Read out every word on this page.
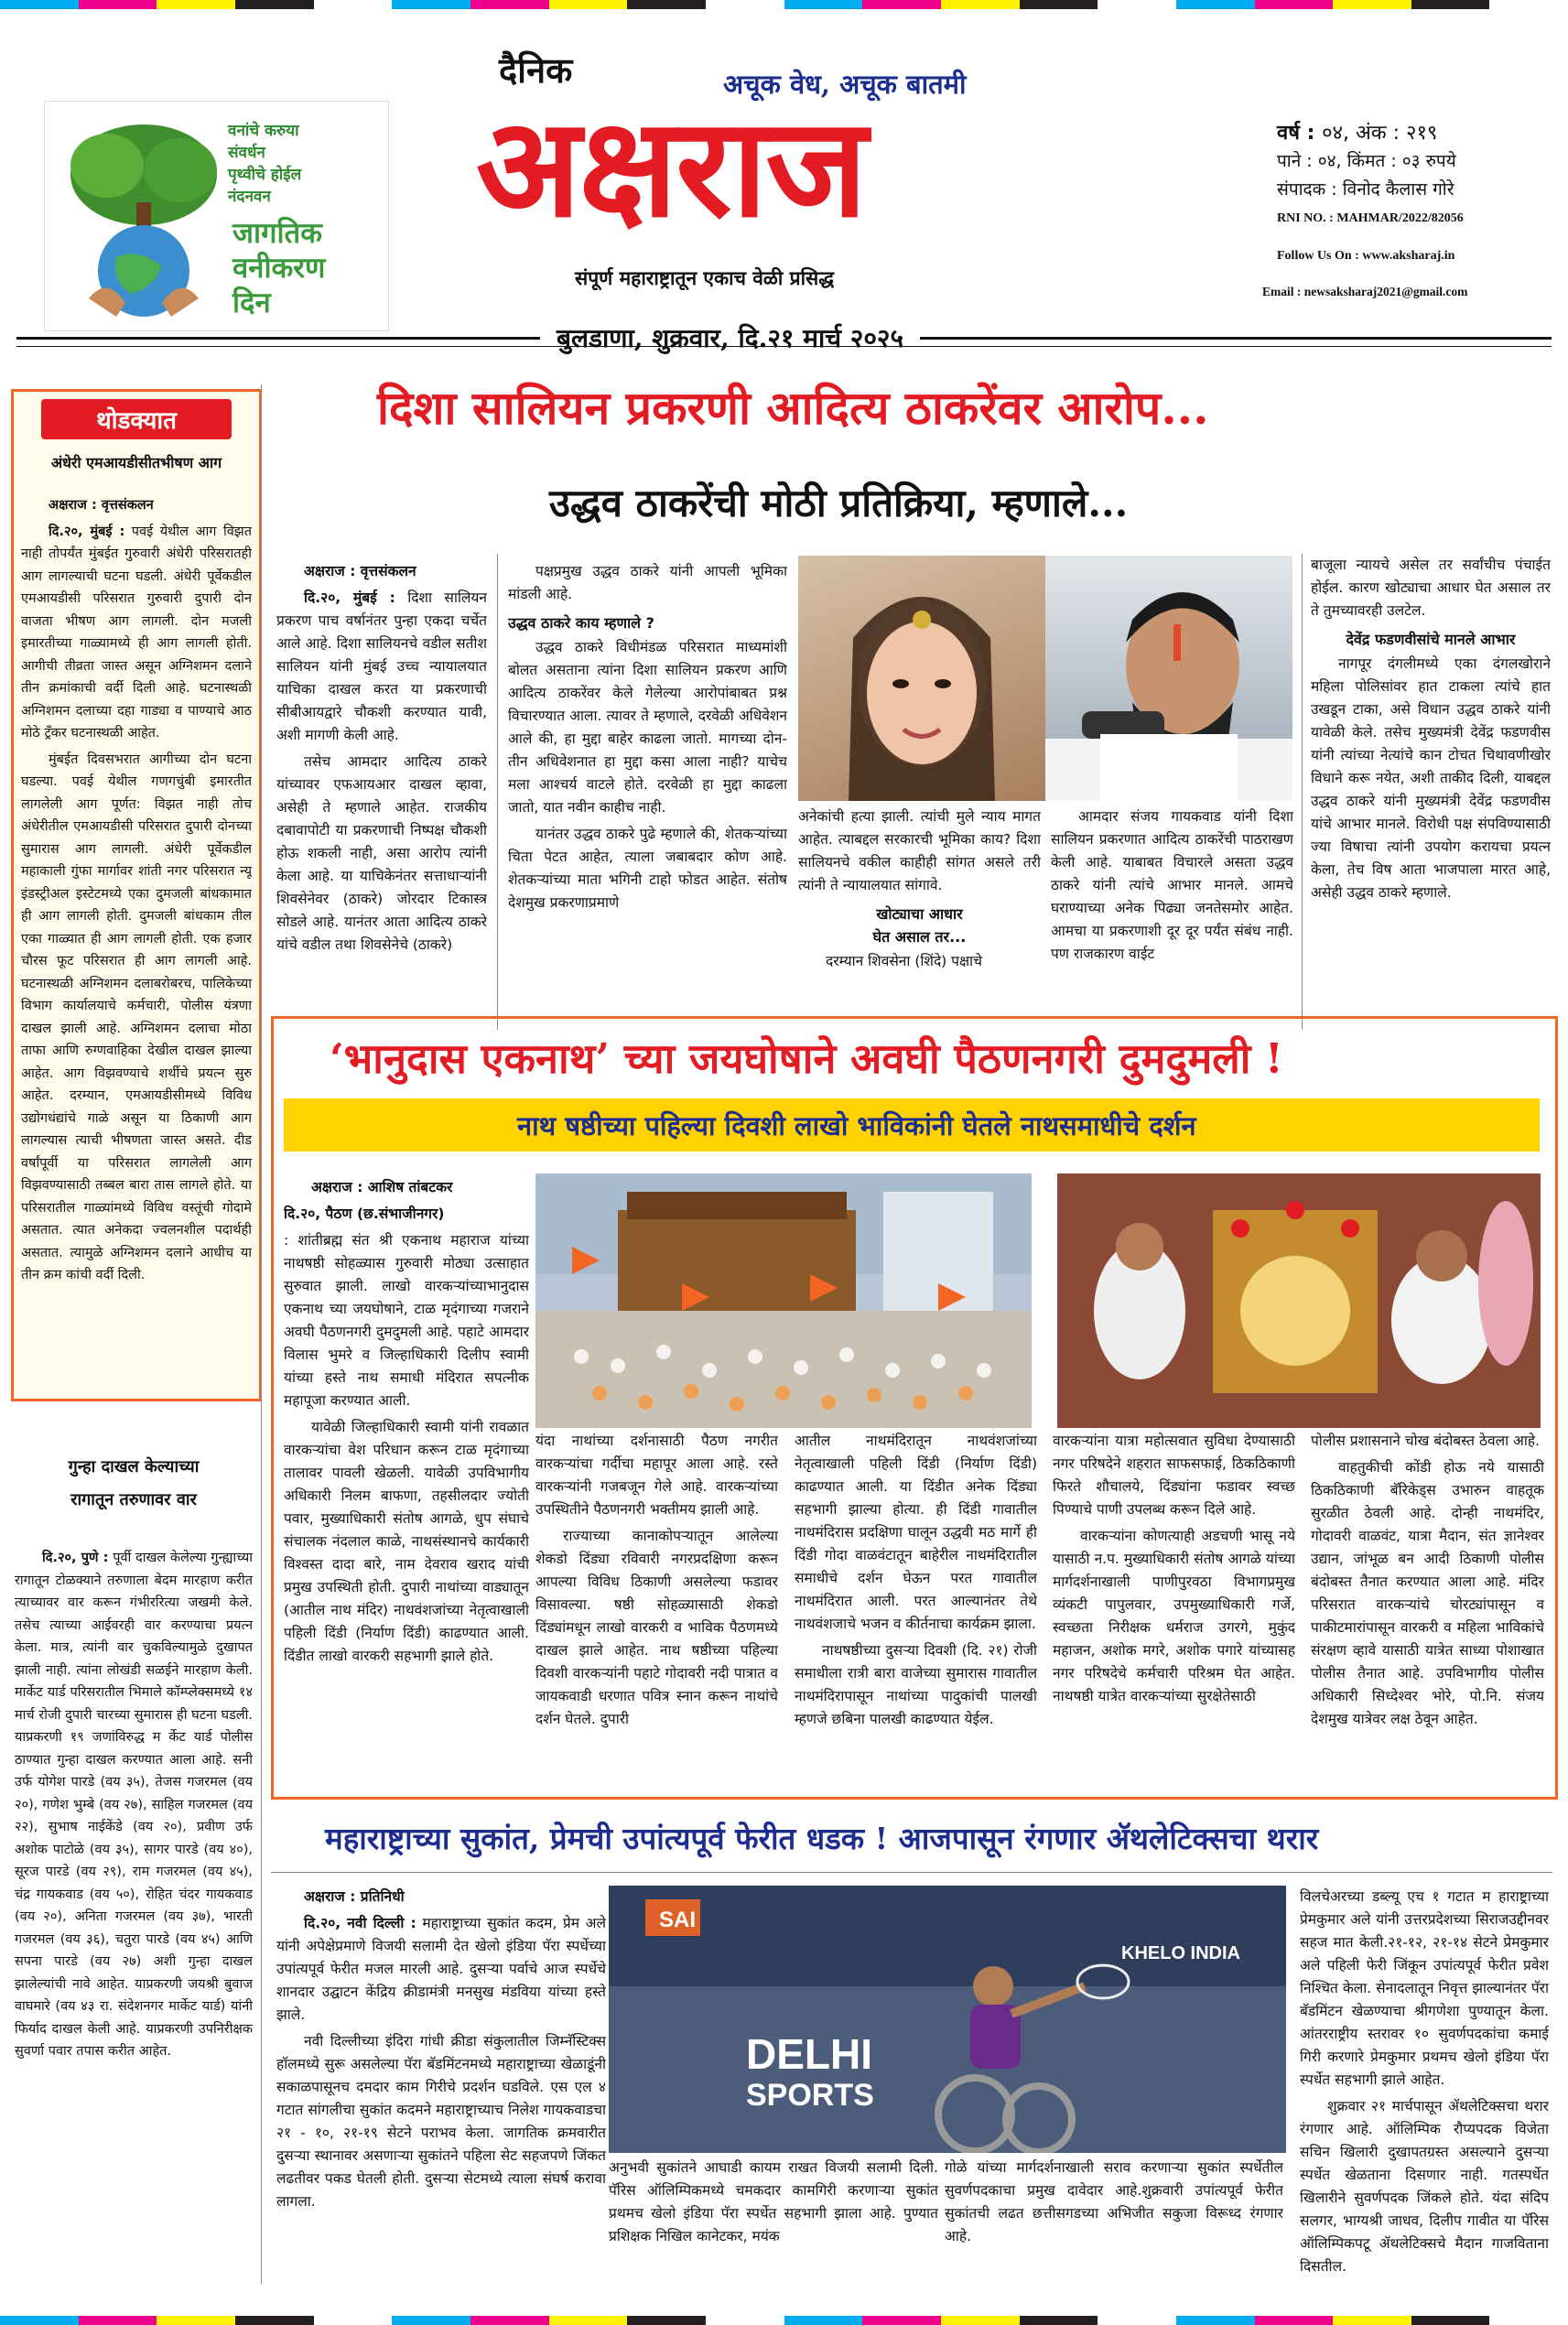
वनांचे करुया
संवर्धन
पृथ्वीचे होईल
नंदनवन
जागतिक
वनीकरण
दिन
दैनिक	अचूक वेध, अचूक बातमी
अक्षराज
संपूर्ण महाराष्ट्रातून एकाच वेळी प्रसिद्ध
वर्ष : ०४, अंक : २१९
पाने : ०४, किंमत : ०३ रुपये
संपादक : विनोद कैलास गोरे
RNI NO. : MAHMAR/2022/82056
Follow Us On : www.aksharaj.in
Email : newsaksharaj2021@gmail.com
बुलडाणा, शुक्रवार, दि.२१ मार्च २०२५
थोडक्यात
अंधेरी एमआयडीसीतभीषण आग

अक्षराज : वृत्तसंकलन

दि.२०, मुंबई : पवई येथील आग विझत नाही तोपर्यंत मुंबईत गुरुवारी अंधेरी परिसरातही आग लागल्याची घटना घडली. अंधेरी पूर्वेकडील एमआयडीसी परिसरात गुरुवारी दुपारी दोन वाजता भीषण आग लागली. दोन मजली इमारतीच्या गाळ्यामध्ये ही आग लागली होती. आगीची तीव्रता जास्त असून अग्निशमन दलाने तीन क्रमांकाची वर्दी दिली आहे. घटनास्थळी अग्निशमन दलाच्या दहा गाड्या व पाण्याचे आठ मोठे ट्रँकर घटनास्थळी आहेत.

मुंबईत दिवसभरात आगीच्या दोन घटना घडल्या. पवई येथील गणगचुंबी इमारतीत लागलेली आग पूर्णत: विझत नाही तोच अंधेरीतील एमआयडीसी परिसरात दुपारी दोनच्या सुमारास आग लागली. अंधेरी पूर्वेकडील महाकाली गुंफा मार्गावर शांती नगर परिसरात न्यू इंडस्ट्रीअल इस्टेटमध्ये एका दुमजली बांधकामात ही आग लागली होती. दुमजली बांधकाम तील एका गाळ्यात ही आग लागली होती. एक हजार चौरस फूट परिसरात ही आग लागली आहे. घटनास्थळी अग्निशमन दलाबरोबरच, पालिकेच्या विभाग कार्यालयाचे कर्मचारी, पोलीस यंत्रणा दाखल झाली आहे. अग्निशमन दलाचा मोठा ताफा आणि रुग्णवाहिका देखील दाखल झाल्या आहेत. आग विझवण्याचे शर्थीचे प्रयत्न सुरु आहेत. दरम्यान, एमआयडीसीमध्ये विविध उद्योगधंद्यांचे गाळे असून या ठिकाणी आग लागल्यास त्याची भीषणता जास्त असते. दीड वर्षांपूर्वी या परिसरात लागलेली आग विझवण्यासाठी तब्बल बारा तास लागले होते. या परिसरातील गाळ्यांमध्ये विविध वस्तूंची गोदामे असतात. त्यात अनेकदा ज्वलनशील पदार्थही असतात. त्यामुळे अग्निशमन दलाने आधीच या तीन क्रम कांची वर्दी दिली.

गुन्हा दाखल केल्याच्या
रागातून तरुणावर वार

दि.२०, पुणे : पूर्वी दाखल केलेल्या गुन्ह्याच्या रागातून टोळक्याने तरुणाला बेदम मारहाण करीत त्याच्यावर वार करून गंभीररित्या जखमी केले. तसेच त्याच्या आईवरही वार करण्याचा प्रयत्न केला. मात्र, त्यांनी वार चुकविल्यामुळे दुखापत झाली नाही. त्यांना लोखंडी सळईने मारहाण केली. मार्केट यार्ड परिसरातील भिमाले कॉम्प्लेक्समध्ये १४ मार्च रोजी दुपारी चारच्या सुमारास ही घटना घडली. याप्रकरणी १९ जणांविरुद्ध म र्केट यार्ड पोलीस ठाण्यात गुन्हा दाखल करण्यात आला आहे. सनी उर्फ योगेश पारडे (वय ३५), तेजस गजरमल (वय २०), गणेश भुम्बे (वय २७), साहिल गजरमल (वय २२), सुभाष नाईकेंडे (वय २०), प्रवीण उर्फ अशोक पाटोळे (वय ३५), सागर पारडे (वय ४०), सूरज पारडे (वय २९), राम गजरमल (वय ४५), चंद्र गायकवाड (वय ५०), रोहित चंदर गायकवाड (वय २०), अनिता गजरमल (वय ३७), भारती गजरमल (वय ३६), चतुरा पारडे (वय ४५) आणि सपना पारडे (वय २७) अशी गुन्हा दाखल झालेल्यांची नावे आहेत. याप्रकरणी जयश्री बुवाज वाघमारे (वय ४३ रा. संदेशनगर मार्केट यार्ड) यांनी फिर्याद दाखल केली आहे. याप्रकरणी उपनिरीक्षक सुवर्णा पवार तपास करीत आहेत.

दिशा सालियन प्रकरणी आदित्य ठाकरेंवर आरोप...
उद्धव ठाकरेंची मोठी प्रतिक्रिया, म्हणाले...

अक्षराज : वृत्तसंकलन

दि.२०, मुंबई : दिशा सालियन प्रकरण पाच वर्षानंतर पुन्हा एकदा चर्चेत आले आहे. दिशा सालियनचे वडील सतीश सालियन यांनी मुंबई उच्च न्यायालयात याचिका दाखल करत या प्रकरणाची सीबीआयद्वारे चौकशी करण्यात यावी, अशी मागणी केली आहे.

तसेच आमदार आदित्य ठाकरे यांच्यावर एफआयआर दाखल व्हावा, असेही ते म्हणाले आहेत. राजकीय दबावापोटी या प्रकरणाची निष्पक्ष चौकशी होऊ शकली नाही, असा आरोप त्यांनी केला आहे. या याचिकेनंतर सत्ताधाऱ्यांनी शिवसेनेवर (ठाकरे) जोरदार टिकास्त्र सोडले आहे. यानंतर आता आदित्य ठाकरे यांचे वडील तथा शिवसेनेचे (ठाकरे)

पक्षप्रमुख उद्धव ठाकरे यांनी आपली भूमिका मांडली आहे.

उद्धव ठाकरे काय म्हणाले ?

उद्धव ठाकरे विधीमंडळ परिसरात माध्यमांशी बोलत असताना त्यांना दिशा सालियन प्रकरण आणि आदित्य ठाकरेंवर केले गेलेल्या आरोपांबाबत प्रश्न विचारण्यात आला. त्यावर ते म्हणाले, दरवेळी अधिवेशन आले की, हा मुद्दा बाहेर काढला जातो. मागच्या दोन-तीन अधिवेशनात हा मुद्दा कसा आला नाही? याचेच मला आश्चर्य वाटले होते. दरवेळी हा मुद्दा काढला जातो, यात नवीन काहीच नाही.

यानंतर उद्धव ठाकरे पुढे म्हणाले की, शेतकऱ्यांच्या चिता पेटत आहेत, त्याला जबाबदार कोण आहे. शेतकऱ्यांच्या माता भगिनी टाहो फोडत आहेत. संतोष देशमुख प्रकरणाप्रमाणे

अनेकांची हत्या झाली. त्यांची मुले न्याय मागत आहेत. त्याबद्दल सरकारची भूमिका काय? दिशा सालियनचे वकील काहीही सांगत असले तरी त्यांनी ते न्यायालयात सांगावे.

खोट्याचा आधार

घेत असाल तर...

दरम्यान शिवसेना (शिंदे) पक्षाचे

आमदार संजय गायकवाड यांनी दिशा सालियन प्रकरणात आदित्य ठाकरेंची पाठराखण केली आहे. याबाबत विचारले असता उद्धव ठाकरे यांनी त्यांचे आभार मानले. आमचे घराण्याच्या अनेक पिढ्या जनतेसमोर आहेत. आमचा या प्रकरणाशी दूर दूर पर्यंत संबंध नाही. पण राजकारण वाईट

बाजूला न्यायचे असेल तर सर्वांचीच पंचाईत होईल. कारण खोट्याचा आधार घेत असाल तर ते तुमच्यावरही उलटेल.

देवेंद्र फडणवीसांचे मानले आभार

नागपूर दंगलीमध्ये एका दंगलखोराने महिला पोलिसांवर हात टाकला त्यांचे हात उखडून टाका, असे विधान उद्धव ठाकरे यांनी यावेळी केले. तसेच मुख्यमंत्री देवेंद्र फडणवीस यांनी त्यांच्या नेत्यांचे कान टोचत चिथावणीखोर विधाने करू नयेत, अशी ताकीद दिली, याबद्दल उद्धव ठाकरे यांनी मुख्यमंत्री देवेंद्र फडणवीस यांचे आभार मानले. विरोधी पक्ष संपविण्यासाठी ज्या विषाचा त्यांनी उपयोग करायचा प्रयत्न केला, तेच विष आता भाजपाला मारत आहे, असेही उद्धव ठाकरे म्हणाले.

‘भानुदास एकनाथ’ च्या जयघोषाने अवघी पैठणनगरी दुमदुमली !
नाथ षष्ठीच्या पहिल्या दिवशी लाखो भाविकांनी घेतले नाथसमाधीचे दर्शन

अक्षराज : आशिष तांबटकर

दि.२०, पैठण (छ.संभाजीनगर)

: शांतीब्रह्म संत श्री एकनाथ महाराज यांच्या नाथषष्ठी सोहळ्यास गुरुवारी मोठ्या उत्साहात सुरुवात झाली. लाखो वारकऱ्यांच्याभानुदास एकनाथ च्या जयघोषाने, टाळ मृदंगाच्या गजराने अवघी पैठणनगरी दुमदुमली आहे. पहाटे आमदार विलास भुमरे व जिल्हाधिकारी दिलीप स्वामी यांच्या हस्ते नाथ समाधी मंदिरात सपत्नीक महापूजा करण्यात आली.

यावेळी जिल्हाधिकारी स्वामी यांनी रावळात वारकऱ्यांचा वेश परिधान करून टाळ मृदंगाच्या तालावर पावली खेळली. यावेळी उपविभागीय अधिकारी निलम बाफणा, तहसीलदार ज्योती पवार, मुख्याधिकारी संतोष आगळे, धुप संघाचे संचालक नंदलाल काळे, नाथसंस्थानचे कार्यकारी विश्वस्त दादा बारे, नाम देवराव खराद यांची प्रमुख उपस्थिती होती. दुपारी नाथांच्या वाड्यातून (आतील नाथ मंदिर) नाथवंशजांच्या नेतृत्वाखाली पहिली दिंडी (निर्याण दिंडी) काढण्यात आली. दिंडीत लाखो वारकरी सहभागी झाले होते.

यंदा नाथांच्या दर्शनासाठी पैठण नगरीत वारकऱ्यांचा गर्दीचा महापूर आला आहे. रस्ते वारकऱ्यांनी गजबजून गेले आहे. वारकऱ्यांच्या उपस्थितीने पैठणनगरी भक्तीमय झाली आहे.

राज्याच्या कानाकोपऱ्यातून आलेल्या शेकडो दिंड्या रविवारी नगरप्रदक्षिणा करून आपल्या विविध ठिकाणी असलेल्या फडावर विसावल्या. षष्ठी सोहळ्यासाठी शेकडो दिंड्यांमधून लाखो वारकरी व भाविक पैठणमध्ये दाखल झाले आहेत. नाथ षष्ठीच्या पहिल्या दिवशी वारकऱ्यांनी पहाटे गोदावरी नदी पात्रात व जायकवाडी धरणात पवित्र स्नान करून नाथांचे दर्शन घेतले. दुपारी

आतील नाथमंदिरातून नाथवंशजांच्या नेतृत्वाखाली पहिली दिंडी (निर्याण दिंडी) काढण्यात आली. या दिंडीत अनेक दिंड्या सहभागी झाल्या होत्या. ही दिंडी गावातील नाथमंदिरास प्रदक्षिणा घालून उद्धवी मठ मार्गे ही दिंडी गोदा वाळवंटातून बाहेरील नाथमंदिरातील समाधीचे दर्शन घेऊन परत गावातील नाथमंदिरात आली. परत आल्यानंतर तेथे नाथवंशजाचे भजन व कीर्तनाचा कार्यक्रम झाला.

नाथषष्ठीच्या दुसऱ्या दिवशी (दि. २१) रोजी समाधीला रात्री बारा वाजेच्या सुमारास गावातील नाथमंदिरापासून नाथांच्या पादुकांची पालखी म्हणजे छबिना पालखी काढण्यात येईल.

वारकऱ्यांना यात्रा महोत्सवात सुविधा देण्यासाठी नगर परिषदेने शहरात साफसफाई, ठिकठिकाणी फिरते शौचालये, दिंड्यांना फडावर स्वच्छ पिण्याचे पाणी उपलब्ध करून दिले आहे.

वारकऱ्यांना कोणत्याही अडचणी भासू नये यासाठी न.प. मुख्याधिकारी संतोष आगळे यांच्या मार्गदर्शनाखाली पाणीपुरवठा विभागप्रमुख व्यंकटी पापुलवार, उपमुख्याधिकारी गर्जे, स्वच्छता निरीक्षक धर्मराज उगरगे, मुकुंद महाजन, अशोक मगरे, अशोक पगारे यांच्यासह नगर परिषदेचे कर्मचारी परिश्रम घेत आहेत. नाथषष्ठी यात्रेत वारकऱ्यांच्या सुरक्षेतेसाठी

पोलीस प्रशासनाने चोख बंदोबस्त ठेवला आहे.

वाहतुकीची कोंडी होऊ नये यासाठी ठिकठिकाणी बॅरिकेड्स उभारुन वाहतूक सुरळीत ठेवली आहे. दोन्ही नाथमंदिर, गोदावरी वाळवंट, यात्रा मैदान, संत ज्ञानेश्वर उद्यान, जांभूळ बन आदी ठिकाणी पोलीस बंदोबस्त तैनात करण्यात आला आहे. मंदिर परिसरात वारकऱ्यांचे चोरट्यांपासून व पाकीटमारांपासून वारकरी व महिला भाविकांचे संरक्षण व्हावे यासाठी यात्रेत साध्या पोशाखात पोलीस तैनात आहे. उपविभागीय पोलीस अधिकारी सिध्देश्वर भोरे, पो.नि. संजय देशमुख यात्रेवर लक्ष ठेवून आहेत.

महाराष्ट्राच्या सुकांत, प्रेमची उपांत्यपूर्व फेरीत धडक ! आजपासून रंगणार ॲथलेटिक्सचा थरार

अक्षराज : प्रतिनिधी

दि.२०, नवी दिल्ली : महाराष्ट्राच्या सुकांत कदम, प्रेम अले यांनी अपेक्षेप्रमाणे विजयी सलामी देत खेलो इंडिया पॅरा स्पर्धेच्या उपांत्यपूर्व फेरीत मजल मारली आहे. दुसऱ्या पर्वाचे आज स्पर्धेचे शानदार उद्घाटन केंद्रिय क्रीडामंत्री मनसुख मंडविया यांच्या हस्ते झाले.

नवी दिल्लीच्या इंदिरा गांधी क्रीडा संकुलातील जिम्नॅस्टिक्स हॉलमध्ये सुरू असलेल्या पॅरा बॅडमिंटनमध्ये महाराष्ट्राच्या खेळाडूंनी सकाळपासूनच दमदार काम गिरीचे प्रदर्शन घडविले. एस एल ४ गटात सांगलीचा सुकांत कदमने महाराष्ट्राच्याच निलेश गायकवाडचा २१ - १०, २१-१९ सेटने पराभव केला. जागतिक क्रमवारीत दुसऱ्या स्थानावर असणाऱ्या सुकांतने पहिला सेट सहजपणे जिंकत लढतीवर पकड घेतली होती. दुसऱ्या सेटमध्ये त्याला संघर्ष करावा लागला.

SAI
DELHI
SPORTS
KHELO INDIA

अनुभवी सुकांतने आघाडी कायम राखत विजयी सलामी दिली. पॅरिस ऑलिम्पिकमध्ये चमकदार कामगिरी करणाऱ्या सुकांत प्रथमच खेलो इंडिया पॅरा स्पर्धेत सहभागी झाला आहे. पुण्यात प्रशिक्षक निखिल कानेटकर, मयंक

गोळे यांच्या मार्गदर्शनाखाली सराव करणाऱ्या सुकांत स्पर्धेतील सुवर्णपदकाचा प्रमुख दावेदार आहे.शुक्रवारी उपांत्यपूर्व फेरीत सुकांतची लढत छत्तीसगडच्या अभिजीत सकुजा विरूध्द रंगणार आहे.

विलचेअरच्या डब्ल्यू एच १ गटात म हाराष्ट्राच्या प्रेमकुमार अले यांनी उत्तरप्रदेशच्या सिराजउद्दीनवर सहज मात केली.२१-१२, २१-१४ सेटने प्रेमकुमार अले पहिली फेरी जिंकून उपांत्यपूर्व फेरीत प्रवेश निश्चित केला. सेनादलातून निवृत्त झाल्यानंतर पॅरा बॅडमिंटन खेळण्याचा श्रीगणेशा पुण्यातून केला. आंतरराष्ट्रीय स्तरावर १० सुवर्णपदकांचा कमाई गिरी करणारे प्रेमकुमार प्रथमच खेलो इंडिया पॅरा स्पर्धेत सहभागी झाले आहेत.

शुक्रवार २१ मार्चपासून ॲथलेटिक्सचा थरार रंगणार आहे. ऑलिम्पिक रौप्यपदक विजेता सचिन खिलारी दुखापतग्रस्त असल्याने दुसऱ्या स्पर्धेत खेळताना दिसणार नाही. गतस्पर्धेत खिलारीने सुवर्णपदक जिंकले होते. यंदा संदिप सलगर, भाग्यश्री जाधव, दिलीप गावीत या पॅरिस ऑलिम्पिकपटू ॲथलेटिक्सचे मैदान गाजविताना दिसतील.
